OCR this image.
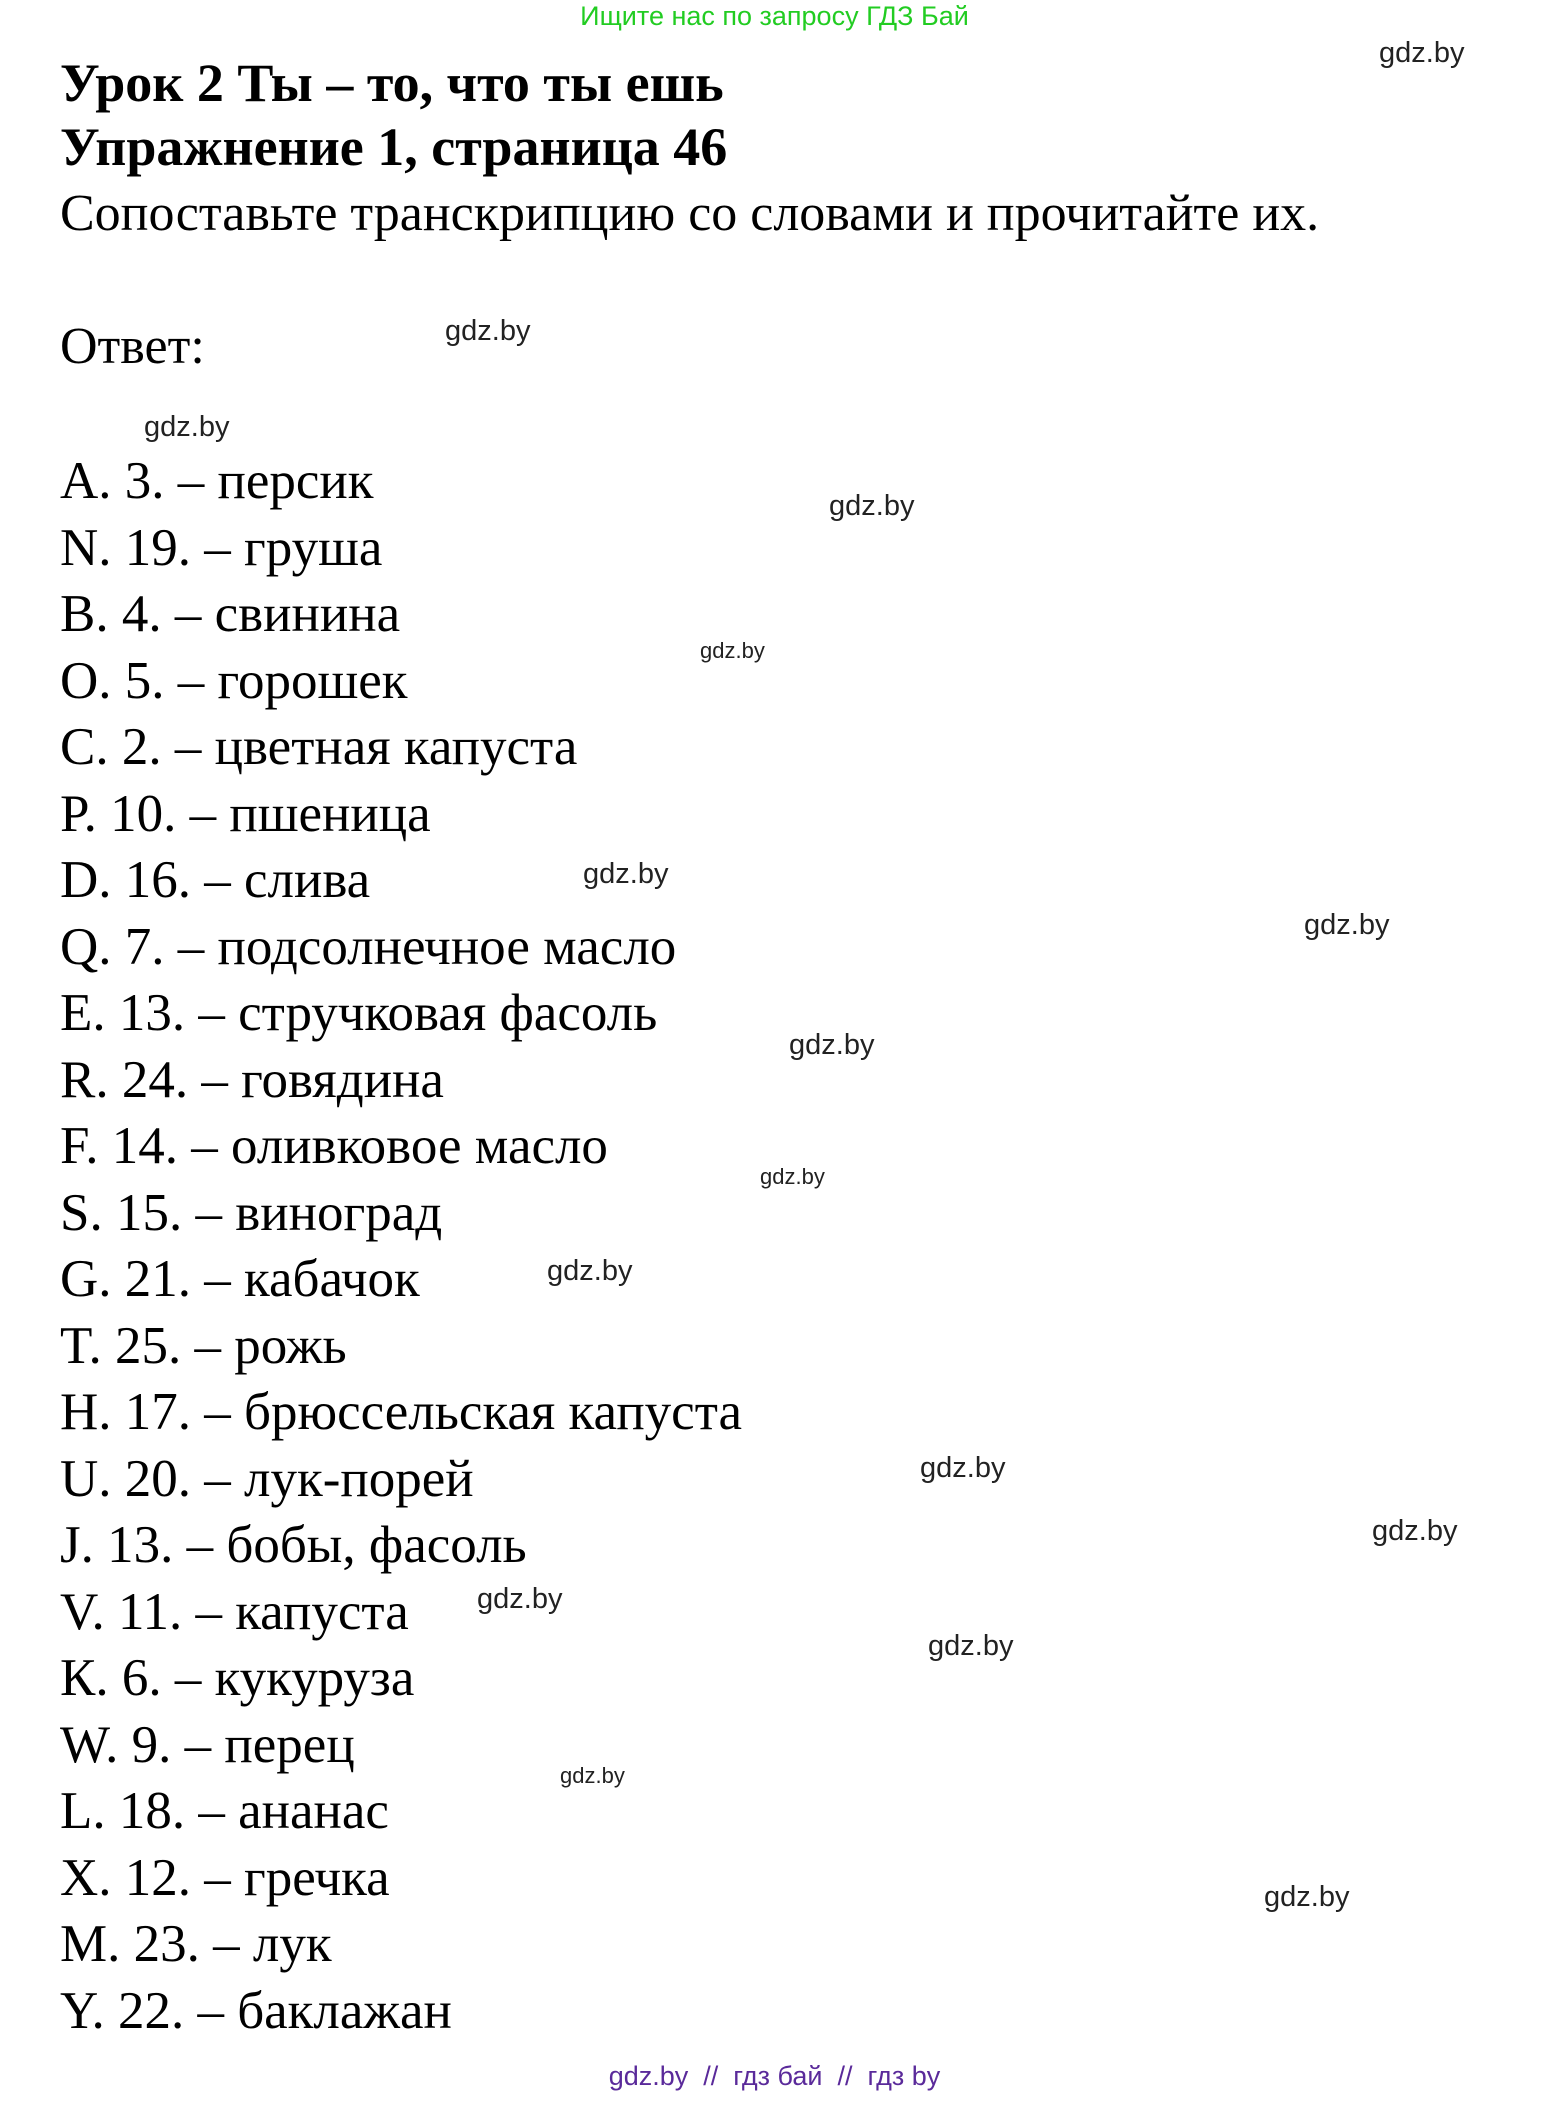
Ищите нас по запросу ГДЗ Бай
Урок 2 Ты – то, что ты ешь
Упражнение 1, страница 46
Сопоставьте транскрипцию со словами и прочитайте их.
Ответ:
A. 3. – персик
N. 19. – груша
B. 4. – свинина
O. 5. – горошек
C. 2. – цветная капуста
P. 10. – пшеница
D. 16. – слива
Q. 7. – подсолнечное масло
E. 13. – стручковая фасоль
R. 24. – говядина
F. 14. – оливковое масло
S. 15. – виноград
G. 21. – кабачок
T. 25. – рожь
H. 17. – брюссельская капуста
U. 20. – лук-порей
J. 13. – бобы, фасоль
V. 11. – капуста
К. 6. – кукуруза
W. 9. – перец
L. 18. – ананас
X. 12. – гречка
M. 23. – лук
Y. 22. – баклажан
gdz.by
gdz.by
gdz.by
gdz.by
gdz.by
gdz.by
gdz.by
gdz.by
gdz.by
gdz.by
gdz.by
gdz.by
gdz.by
gdz.by
gdz.by
gdz.by
gdz.by  //  гдз бай  //  гдз by
